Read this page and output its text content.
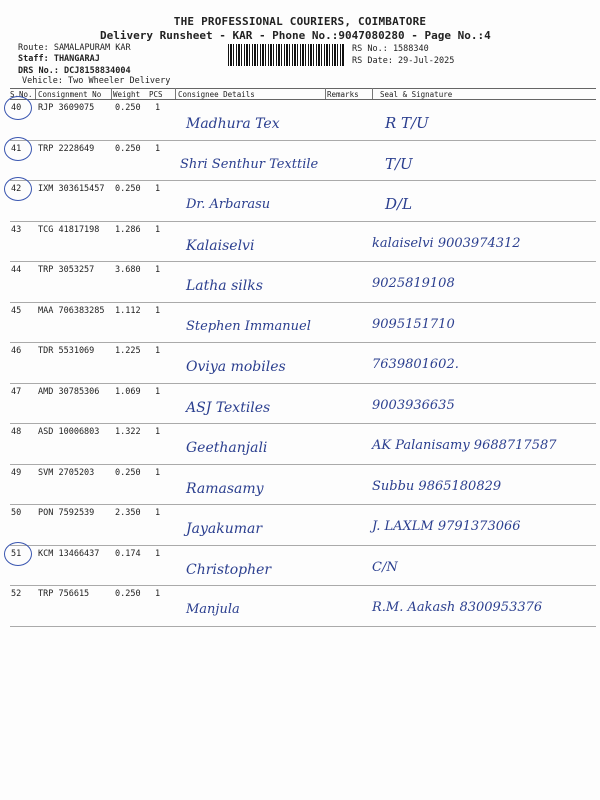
THE PROFESSIONAL COURIERS, COIMBATORE
Delivery Runsheet - KAR - Phone No.:9047080280 - Page No.:4
Route: SAMALAPURAM KAR
Staff: THANGARAJ
DRS No.: DCJ8158834004
Vehicle: Two Wheeler Delivery
RS No.: 1588340
RS Date: 29-Jul-2025
S.No. Consignment No Weight PCS Consignee Details	Remarks	Seal & Signature
40 RJP 3609075 0.250 1
Madhura Tex	R T/U
41 TRP 2228649 0.250 1
Shri Senthur Texttile	T/U
42 IXM 303615457 0.250 1
Dr. Arbarasu	D/L
43 TCG 41817198 1.286 1
Kalaiselvi	kalaiselvi 9003974312
44 TRP 3053257 3.680 1
Latha silks	9025819108
45 MAA 706383285 1.112 1
Stephen Immanuel	9095151710
46 TDR 5531069 1.225 1
Oviya mobiles	7639801602.
47 AMD 30785306 1.069 1
ASJ Textiles	9003936635
48 ASD 10006803 1.322 1
Geethanjali	AK Palanisamy 9688717587
49 SVM 2705203 0.250 1
Ramasamy	Subbu 9865180829
50 PON 7592539 2.350 1
Jayakumar	J. LAXLM 9791373066
51 KCM 13466437 0.174 1
Christopher	C/N
52 TRP 756615	0.250 1
Manjula	R.M. Aakash 8300953376
